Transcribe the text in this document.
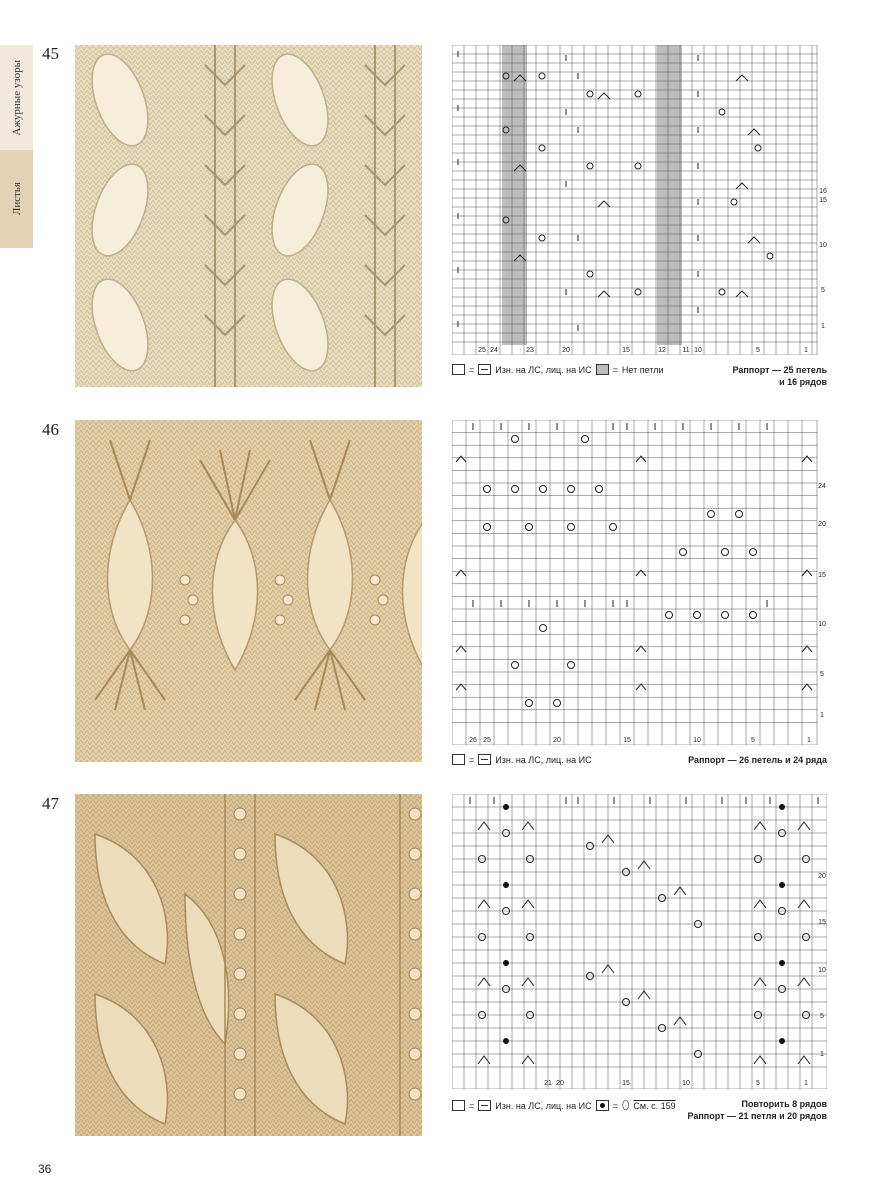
Ажурные узоры
Листья
45
25 24	23	20	15	12 11 10	5	1
16
15
10
5
1
= Изн. на ЛС, лиц. на ИС = Нет петли	Раппорт — 25 петель
и 16 рядов
46
26 25	20	15	10	5	1
24
20
15
10
5
1
= Изн. на ЛС, лиц. на ИС	Раппорт — 26 петель и 24 ряда
47
21 20	15	10	5	1
20
15
10
5
1
= Изн. на ЛС, лиц. на ИС = ⬯ См. с. 159	Повторить 8 рядов
Раппорт — 21 петля и 20 рядов
36
